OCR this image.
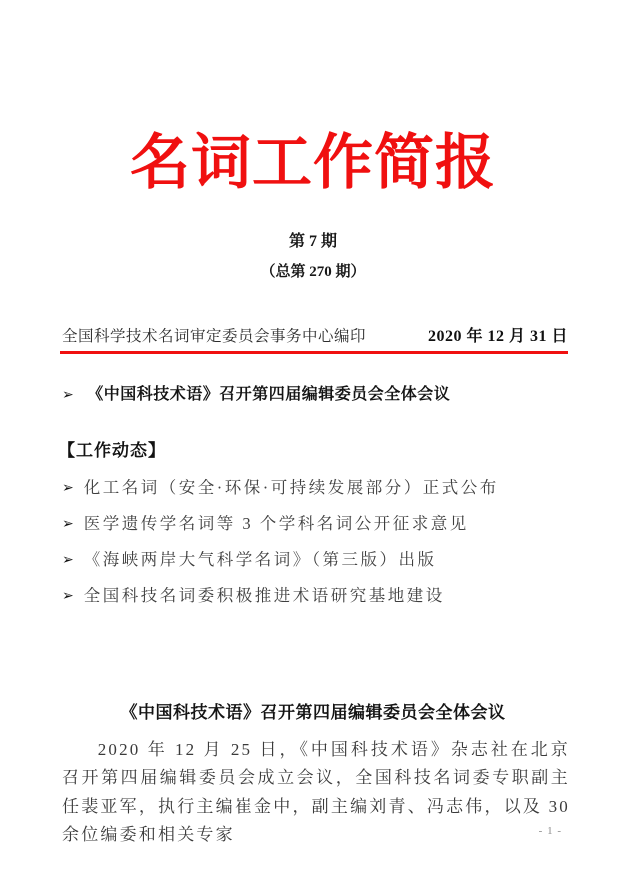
名词工作简报
第 7 期
（总第 270 期）
全国科学技术名词审定委员会事务中心编印	2020 年 12 月 31 日
➢ 《中国科技术语》召开第四届编辑委员会全体会议
【工作动态】
➢ 化工名词（安全·环保·可持续发展部分）正式公布
➢ 医学遗传学名词等 3 个学科名词公开征求意见
➢ 《海峡两岸大气科学名词》（第三版）出版
➢ 全国科技名词委积极推进术语研究基地建设
《中国科技术语》召开第四届编辑委员会全体会议

2020 年 12 月 25 日，《中国科技术语》杂志社在北京召开第四届编辑委员会成立会议，全国科技名词委专职副主任裴亚军，执行主编崔金中，副主编刘青、冯志伟，以及 30 余位编委和相关专家	- 1 -
